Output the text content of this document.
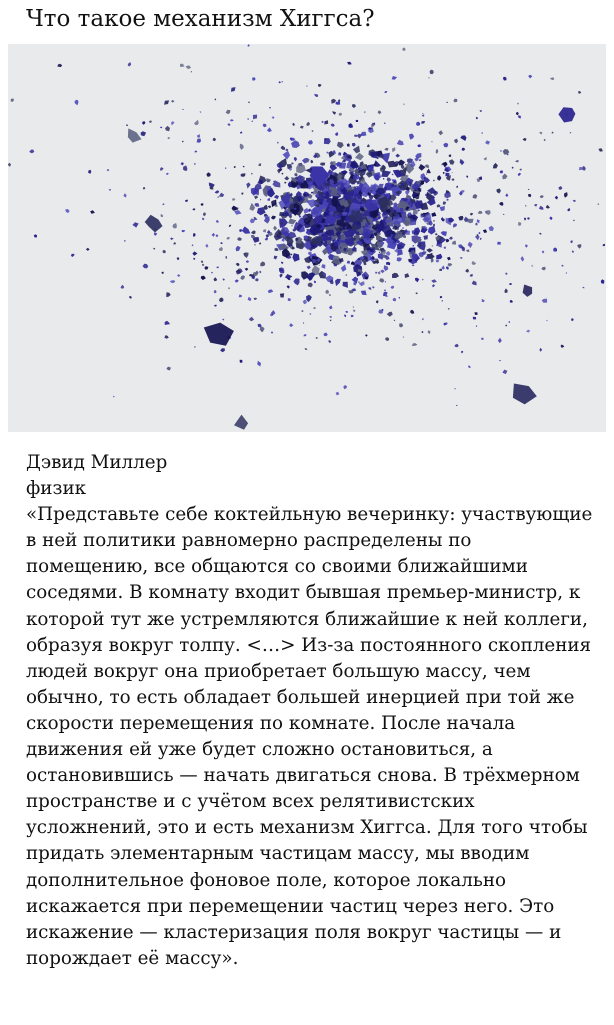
Что такое механизм Хиггса?

Дэвид Миллер

физик

«Представьте себе коктейльную вечеринку: участвующие в ней политики равномерно распределены по помещению, все общаются со своими ближайшими соседями. В комнату входит бывшая премьер-министр, к которой тут же устремляются ближайшие к ней коллеги, образуя вокруг толпу. <…> Из-за постоянного скопления людей вокруг она приобретает большую массу, чем обычно, то есть обладает большей инерцией при той же скорости перемещения по комнате. После начала движения ей уже будет сложно остановиться, а остановившись — начать двигаться снова. В трёхмерном пространстве и с учётом всех релятивистских усложнений, это и есть механизм Хиггса. Для того чтобы придать элементарным частицам массу, мы вводим дополнительное фоновое поле, которое локально искажается при перемещении частиц через него. Это искажение — кластеризация поля вокруг частицы — и порождает её массу».
